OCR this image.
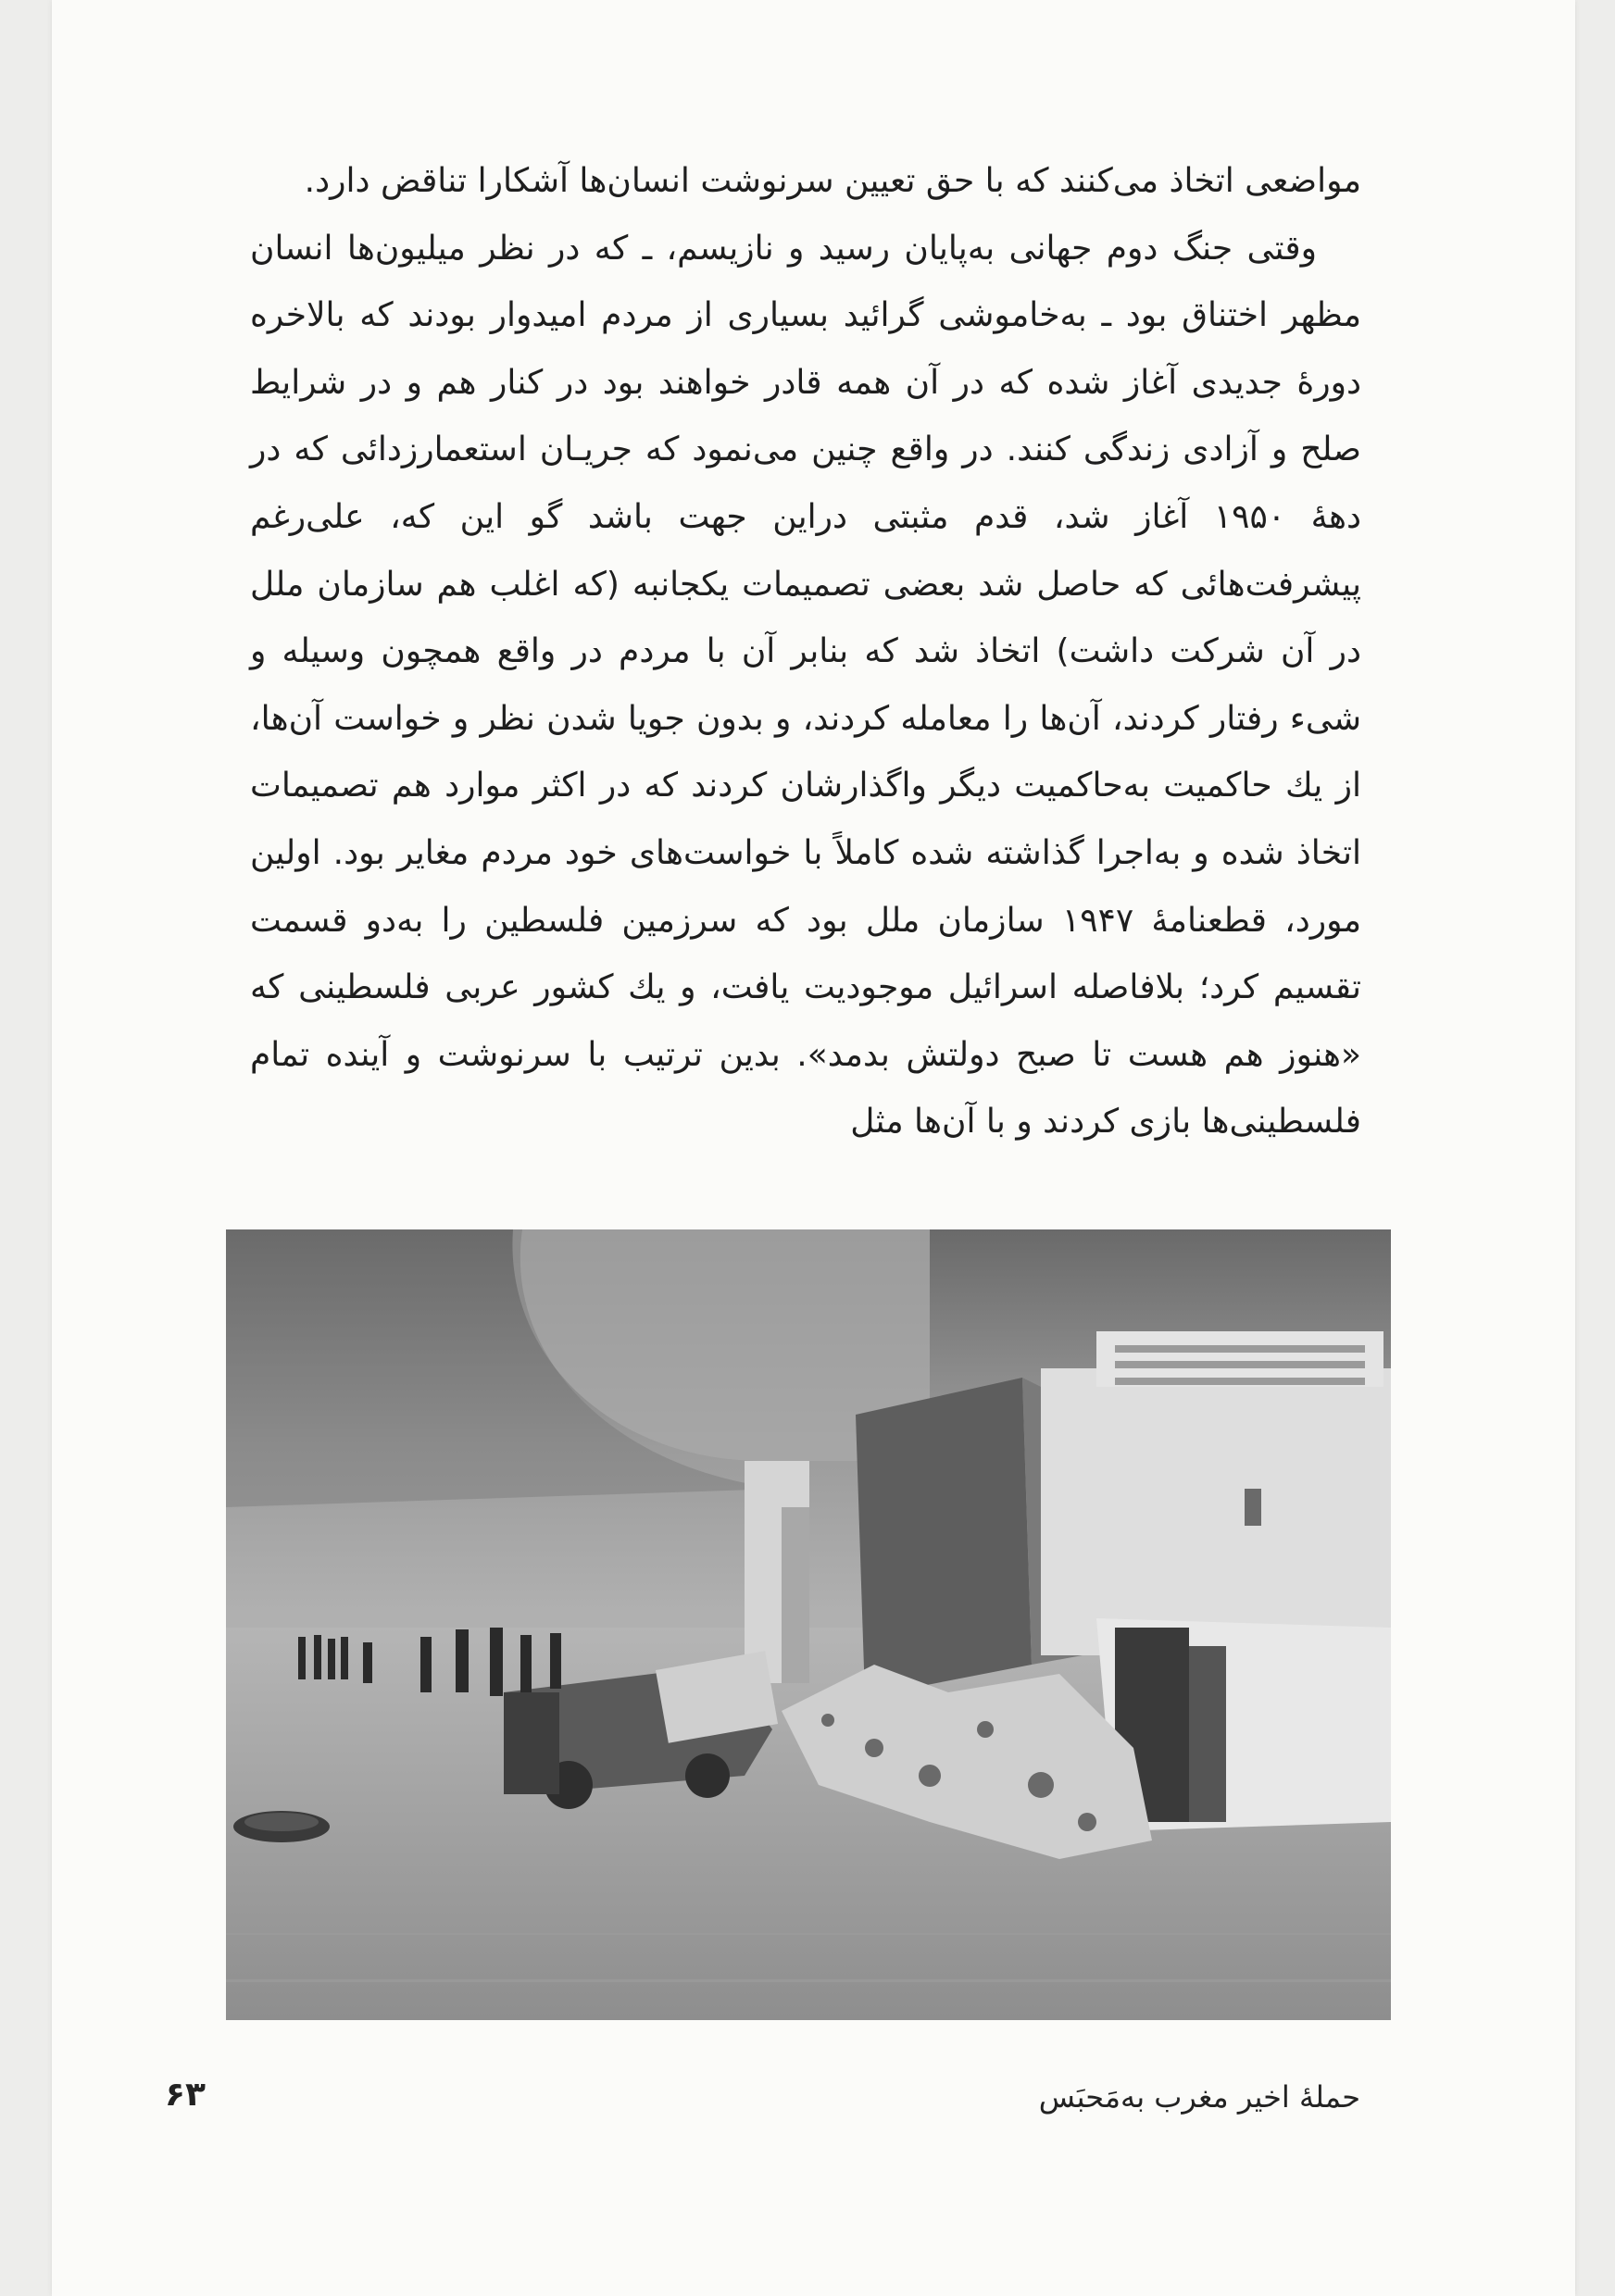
مواضعی اتخاذ می‌کنند که با حق تعیین سرنوشت انسان‌ها آشکارا تناقض دارد.

وقتی جنگ دوم جهانی به‌پایان رسید و نازیسم، ـ که در نظر میلیون‌ها انسان مظهر اختناق بود ـ به‌خاموشی گرائید بسیاری از مردم امیدوار بودند که بالاخره دورهٔ جدیدی آغاز شده که در آن همه قادر خواهند بود در کنار هم و در شرایط صلح و آزادی زندگی کنند. در واقع چنین می‌نمود که جریـان استعمارزدائی که در دههٔ ۱۹۵۰ آغاز شد، قدم مثبتی دراین جهت باشد گو این که، علی‌رغم پیشرفت‌هائی که حاصل شد بعضی تصمیمات یکجانبه (که اغلب هم سازمان ملل در آن شرکت داشت) اتخاذ شد که بنابر آن با مردم در واقع همچون وسیله و شیء رفتار کردند، آن‌ها را معامله کردند، و بدون جویا شدن نظر و خواست آن‌ها، از یك حاکمیت به‌حاکمیت دیگر واگذارشان کردند که در اکثر موارد هم تصمیمات اتخاذ شده و به‌اجرا گذاشته شده کاملاً با خواست‌های خود مردم مغایر بود. اولین مورد، قطعنامهٔ ۱۹۴۷ سازمان ملل بود که سرزمین فلسطین را به‌دو قسمت تقسیم کرد؛ بلافاصله اسرائیل موجودیت یافت، و یك کشور عربی فلسطینی که «هنوز هم هست تا صبح دولتش بدمد». بدین ترتیب با سرنوشت و آینده تمام فلسطینی‌ها بازی کردند و با آن‌ها مثل

حملهٔ اخیر مغرب به‌مَحبَس
۶۳
